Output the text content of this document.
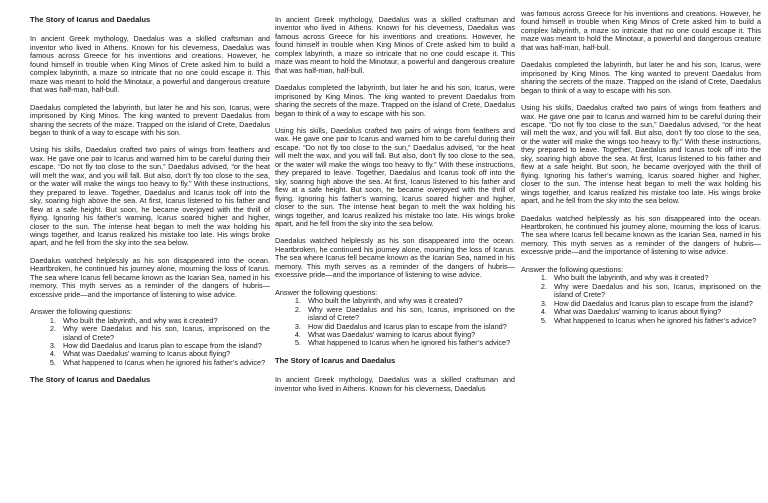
The Story of Icarus and Daedalus

In ancient Greek mythology, Daedalus was a skilled craftsman and inventor who lived in Athens. Known for his cleverness, Daedalus was famous across Greece for his inventions and creations. However, he found himself in trouble when King Minos of Crete asked him to build a complex labyrinth, a maze so intricate that no one could escape it. This maze was meant to hold the Minotaur, a powerful and dangerous creature that was half-man, half-bull.

Daedalus completed the labyrinth, but later he and his son, Icarus, were imprisoned by King Minos. The king wanted to prevent Daedalus from sharing the secrets of the maze. Trapped on the island of Crete, Daedalus began to think of a way to escape with his son.

Using his skills, Daedalus crafted two pairs of wings from feathers and wax. He gave one pair to Icarus and warned him to be careful during their escape. “Do not fly too close to the sun,” Daedalus advised, “or the heat will melt the wax, and you will fall. But also, don’t fly too close to the sea, or the water will make the wings too heavy to fly.” With these instructions, they prepared to leave. Together, Daedalus and Icarus took off into the sky, soaring high above the sea. At first, Icarus listened to his father and flew at a safe height. But soon, he became overjoyed with the thrill of flying. Ignoring his father’s warning, Icarus soared higher and higher, closer to the sun. The intense heat began to melt the wax holding his wings together, and Icarus realized his mistake too late. His wings broke apart, and he fell from the sky into the sea below.

Daedalus watched helplessly as his son disappeared into the ocean. Heartbroken, he continued his journey alone, mourning the loss of Icarus. The sea where Icarus fell became known as the Icarian Sea, named in his memory. This myth serves as a reminder of the dangers of hubris—excessive pride—and the importance of listening to wise advice.

Answer the following questions:

1. Who built the labyrinth, and why was it created?
2. Why were Daedalus and his son, Icarus, imprisoned on the island of Crete?
3. How did Daedalus and Icarus plan to escape from the island?
4. What was Daedalus’ warning to Icarus about flying?
5. What happened to Icarus when he ignored his father’s advice?
The Story of Icarus and Daedalus

In ancient Greek mythology, Daedalus was a skilled craftsman and inventor who lived in Athens. Known for his cleverness, Daedalus was famous across Greece for his inventions and creations. However, he found himself in trouble when King Minos of Crete asked him to build a complex labyrinth, a maze so intricate that no one could escape it. This maze was meant to hold the Minotaur, a powerful and dangerous creature that was half-man, half-bull.

Daedalus completed the labyrinth, but later he and his son, Icarus, were imprisoned by King Minos. The king wanted to prevent Daedalus from sharing the secrets of the maze. Trapped on the island of Crete, Daedalus began to think of a way to escape with his son.

Using his skills, Daedalus crafted two pairs of wings from feathers and wax. He gave one pair to Icarus and warned him to be careful during their escape. “Do not fly too close to the sun,” Daedalus advised, “or the heat will melt the wax, and you will fall. But also, don’t fly too close to the sea, or the water will make the wings too heavy to fly.” With these instructions, they prepared to leave. Together, Daedalus and Icarus took off into the sky, soaring high above the sea. At first, Icarus listened to his father and flew at a safe height. But soon, he became overjoyed with the thrill of flying. Ignoring his father’s warning, Icarus soared higher and higher, closer to the sun. The intense heat began to melt the wax holding his wings together, and Icarus realized his mistake too late. His wings broke apart, and he fell from the sky into the sea below.

Daedalus watched helplessly as his son disappeared into the ocean. Heartbroken, he continued his journey alone, mourning the loss of Icarus. The sea where Icarus fell became known as the Icarian Sea, named in his memory. This myth serves as a reminder of the dangers of hubris—excessive pride—and the importance of listening to wise advice.

Answer the following questions:

1. Who built the labyrinth, and why was it created?
2. Why were Daedalus and his son, Icarus, imprisoned on the island of Crete?
3. How did Daedalus and Icarus plan to escape from the island?
4. What was Daedalus’ warning to Icarus about flying?
5. What happened to Icarus when he ignored his father’s advice?
The Story of Icarus and Daedalus

In ancient Greek mythology, Daedalus was a skilled craftsman and inventor who lived in Athens. Known for his cleverness, Daedalus

was famous across Greece for his inventions and creations. However, he found himself in trouble when King Minos of Crete asked him to build a complex labyrinth, a maze so intricate that no one could escape it. This maze was meant to hold the Minotaur, a powerful and dangerous creature that was half-man, half-bull.

Daedalus completed the labyrinth, but later he and his son, Icarus, were imprisoned by King Minos. The king wanted to prevent Daedalus from sharing the secrets of the maze. Trapped on the island of Crete, Daedalus began to think of a way to escape with his son.

Using his skills, Daedalus crafted two pairs of wings from feathers and wax. He gave one pair to Icarus and warned him to be careful during their escape. “Do not fly too close to the sun,” Daedalus advised, “or the heat will melt the wax, and you will fall. But also, don’t fly too close to the sea, or the water will make the wings too heavy to fly.” With these instructions, they prepared to leave. Together, Daedalus and Icarus took off into the sky, soaring high above the sea. At first, Icarus listened to his father and flew at a safe height. But soon, he became overjoyed with the thrill of flying. Ignoring his father’s warning, Icarus soared higher and higher, closer to the sun. The intense heat began to melt the wax holding his wings together, and Icarus realized his mistake too late. His wings broke apart, and he fell from the sky into the sea below.

Daedalus watched helplessly as his son disappeared into the ocean. Heartbroken, he continued his journey alone, mourning the loss of Icarus. The sea where Icarus fell became known as the Icarian Sea, named in his memory. This myth serves as a reminder of the dangers of hubris—excessive pride—and the importance of listening to wise advice.

Answer the following questions:

1. Who built the labyrinth, and why was it created?
2. Why were Daedalus and his son, Icarus, imprisoned on the island of Crete?
3. How did Daedalus and Icarus plan to escape from the island?
4. What was Daedalus’ warning to Icarus about flying?
5. What happened to Icarus when he ignored his father’s advice?
